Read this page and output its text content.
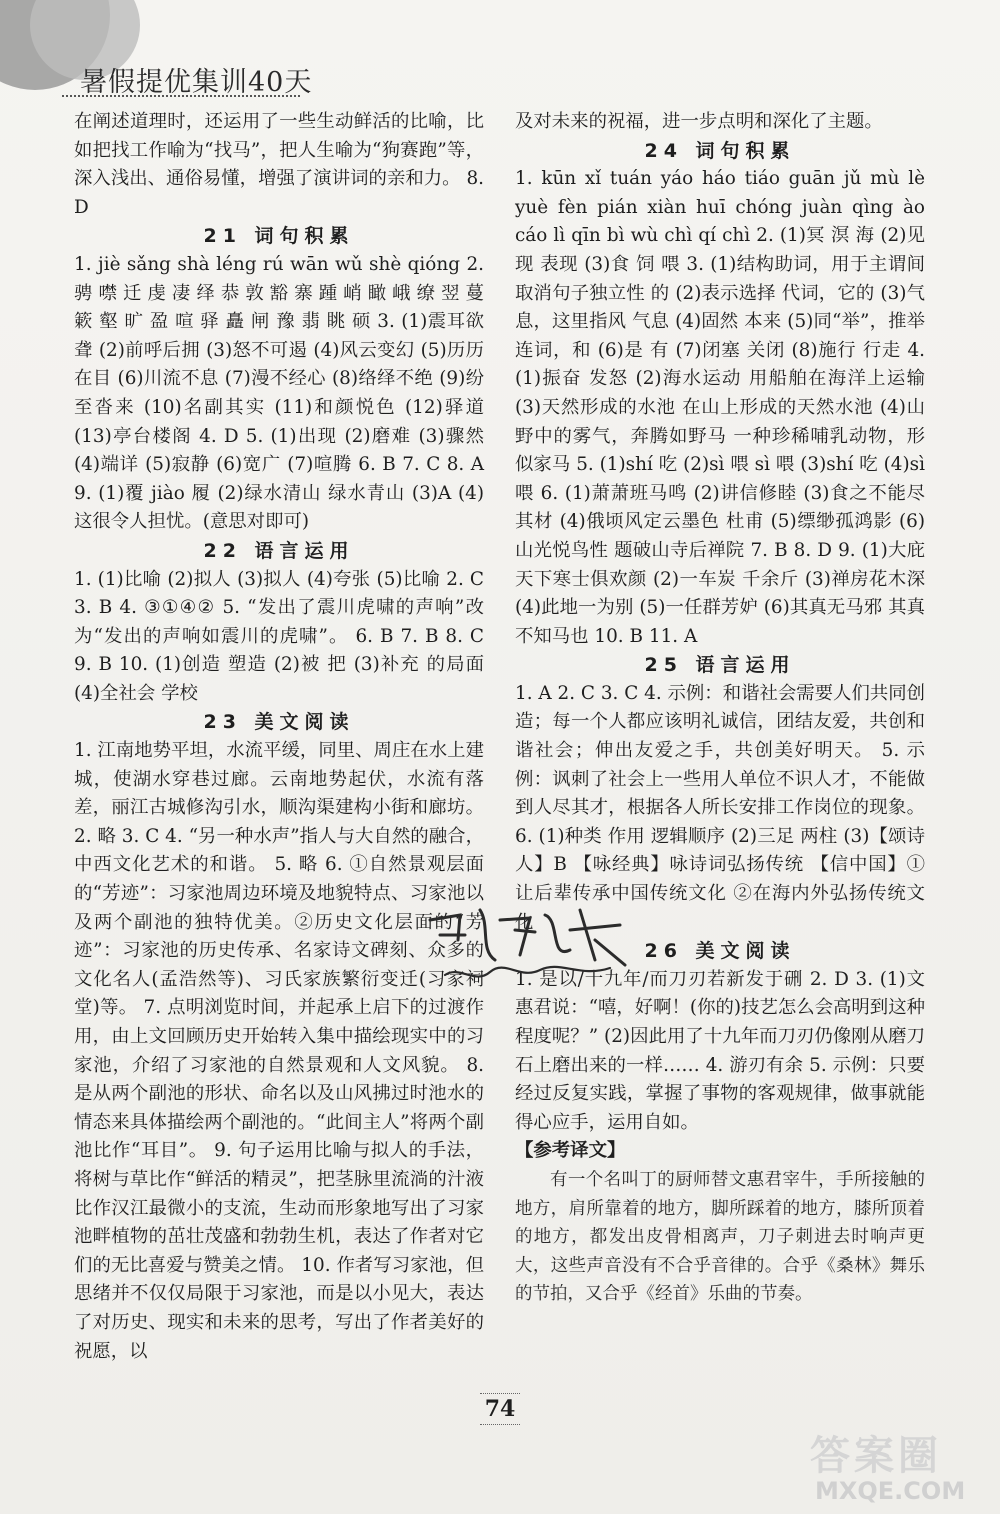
暑假提优集训40天

在阐述道理时，还运用了一些生动鲜活的比喻，比如把找工作喻为“找马”，把人生喻为“狗赛跑”等，深入浅出、通俗易懂，增强了演讲词的亲和力。 8. D

21 词句积累

1. jiè sǎng shà léng rú wān wǔ shè qióng 2. 骋 噤 迁 虔 凄 绎 恭 敦 豁 寨 踵 峭 瞰 峨 缭 翌 蔓 簌 壑 旷 盈 喧 驿 矗 闸 豫 翡 眺 硕 3. (1)震耳欲聋 (2)前呼后拥 (3)怒不可遏 (4)风云变幻 (5)历历在目 (6)川流不息 (7)漫不经心 (8)络绎不绝 (9)纷至沓来 (10)名副其实 (11)和颜悦色 (12)驿道 (13)亭台楼阁 4. D 5. (1)出现 (2)磨难 (3)骤然 (4)端详 (5)寂静 (6)宽广 (7)喧腾 6. B 7. C 8. A 9. (1)覆 jiào 履 (2)绿水清山 绿水青山 (3)A (4)这很令人担忧。(意思对即可)

22 语言运用

1. (1)比喻 (2)拟人 (3)拟人 (4)夸张 (5)比喻 2. C 3. B 4. ③①④② 5. “发出了震川虎啸的声响”改为“发出的声响如震川的虎啸”。 6. B 7. B 8. C 9. B 10. (1)创造 塑造 (2)被 把 (3)补充 的局面 (4)全社会 学校

23 美文阅读

1. 江南地势平坦，水流平缓，同里、周庄在水上建城，使湖水穿巷过廊。云南地势起伏，水流有落差，丽江古城修沟引水，顺沟渠建构小街和廊坊。 2. 略 3. C 4. “另一种水声”指人与大自然的融合，中西文化艺术的和谐。 5. 略 6. ①自然景观层面的“芳迹”：习家池周边环境及地貌特点、习家池以及两个副池的独特优美。②历史文化层面的“芳迹”：习家池的历史传承、名家诗文碑刻、众多的文化名人(孟浩然等)、习氏家族繁衍变迁(习家祠堂)等。 7. 点明浏览时间，并起承上启下的过渡作用，由上文回顾历史开始转入集中描绘现实中的习家池，介绍了习家池的自然景观和人文风貌。 8. 是从两个副池的形状、命名以及山风拂过时池水的情态来具体描绘两个副池的。“此间主人”将两个副池比作“耳目”。 9. 句子运用比喻与拟人的手法，将树与草比作“鲜活的精灵”，把茎脉里流淌的汁液比作汉江最微小的支流，生动而形象地写出了习家池畔植物的茁壮茂盛和勃勃生机，表达了作者对它们的无比喜爱与赞美之情。 10. 作者写习家池，但思绪并不仅仅局限于习家池，而是以小见大，表达了对历史、现实和未来的思考，写出了作者美好的祝愿，以

及对未来的祝福，进一步点明和深化了主题。

24 词句积累

1. kūn xǐ tuán yáo háo tiáo guān jǔ mù lè yuè fèn pián xiàn huī chóng juàn qìng ào cáo lì qīn bì wù chì qí chì 2. (1)冥 溟 海 (2)见 现 表现 (3)食 饲 喂 3. (1)结构助词，用于主谓间取消句子独立性 的 (2)表示选择 代词，它的 (3)气息，这里指风 气息 (4)固然 本来 (5)同“举”，推举 连词，和 (6)是 有 (7)闭塞 关闭 (8)施行 行走 4. (1)振奋 发怒 (2)海水运动 用船舶在海洋上运输 (3)天然形成的水池 在山上形成的天然水池 (4)山野中的雾气，奔腾如野马 一种珍稀哺乳动物，形似家马 5. (1)shí 吃 (2)sì 喂 sì 喂 (3)shí 吃 (4)sì 喂 6. (1)萧萧班马鸣 (2)讲信修睦 (3)食之不能尽其材 (4)俄顷风定云墨色 杜甫 (5)缥缈孤鸿影 (6)山光悦鸟性 题破山寺后禅院 7. B 8. D 9. (1)大庇天下寒士俱欢颜 (2)一车炭 千余斤 (3)禅房花木深 (4)此地一为别 (5)一任群芳妒 (6)其真无马邪 其真不知马也 10. B 11. A

25 语言运用

1. A 2. C 3. C 4. 示例：和谐社会需要人们共同创造；每一个人都应该明礼诚信，团结友爱，共创和谐社会；伸出友爱之手，共创美好明天。 5. 示例：讽刺了社会上一些用人单位不识人才，不能做到人尽其才，根据各人所长安排工作岗位的现象。 6. (1)种类 作用 逻辑顺序 (2)三足 两柱 (3)【颂诗人】B 【咏经典】咏诗词弘扬传统 【信中国】①让后辈传承中国传统文化 ②在海内外弘扬传统文化

26 美文阅读

1. 是以/十九年/而刀刃若新发于硎 2. D 3. (1)文惠君说：“嘻，好啊！(你的)技艺怎么会高明到这种程度呢？” (2)因此用了十九年而刀刃仍像刚从磨刀石上磨出来的一样…… 4. 游刃有余 5. 示例：只要经过反复实践，掌握了事物的客观规律，做事就能得心应手，运用自如。

【参考译文】

有一个名叫丁的厨师替文惠君宰牛，手所接触的地方，肩所靠着的地方，脚所踩着的地方，膝所顶着的地方，都发出皮骨相离声，刀子刺进去时响声更大，这些声音没有不合乎音律的。合乎《桑林》舞乐的节拍，又合乎《经首》乐曲的节奏。

74
答案圈
MXQE.COM
